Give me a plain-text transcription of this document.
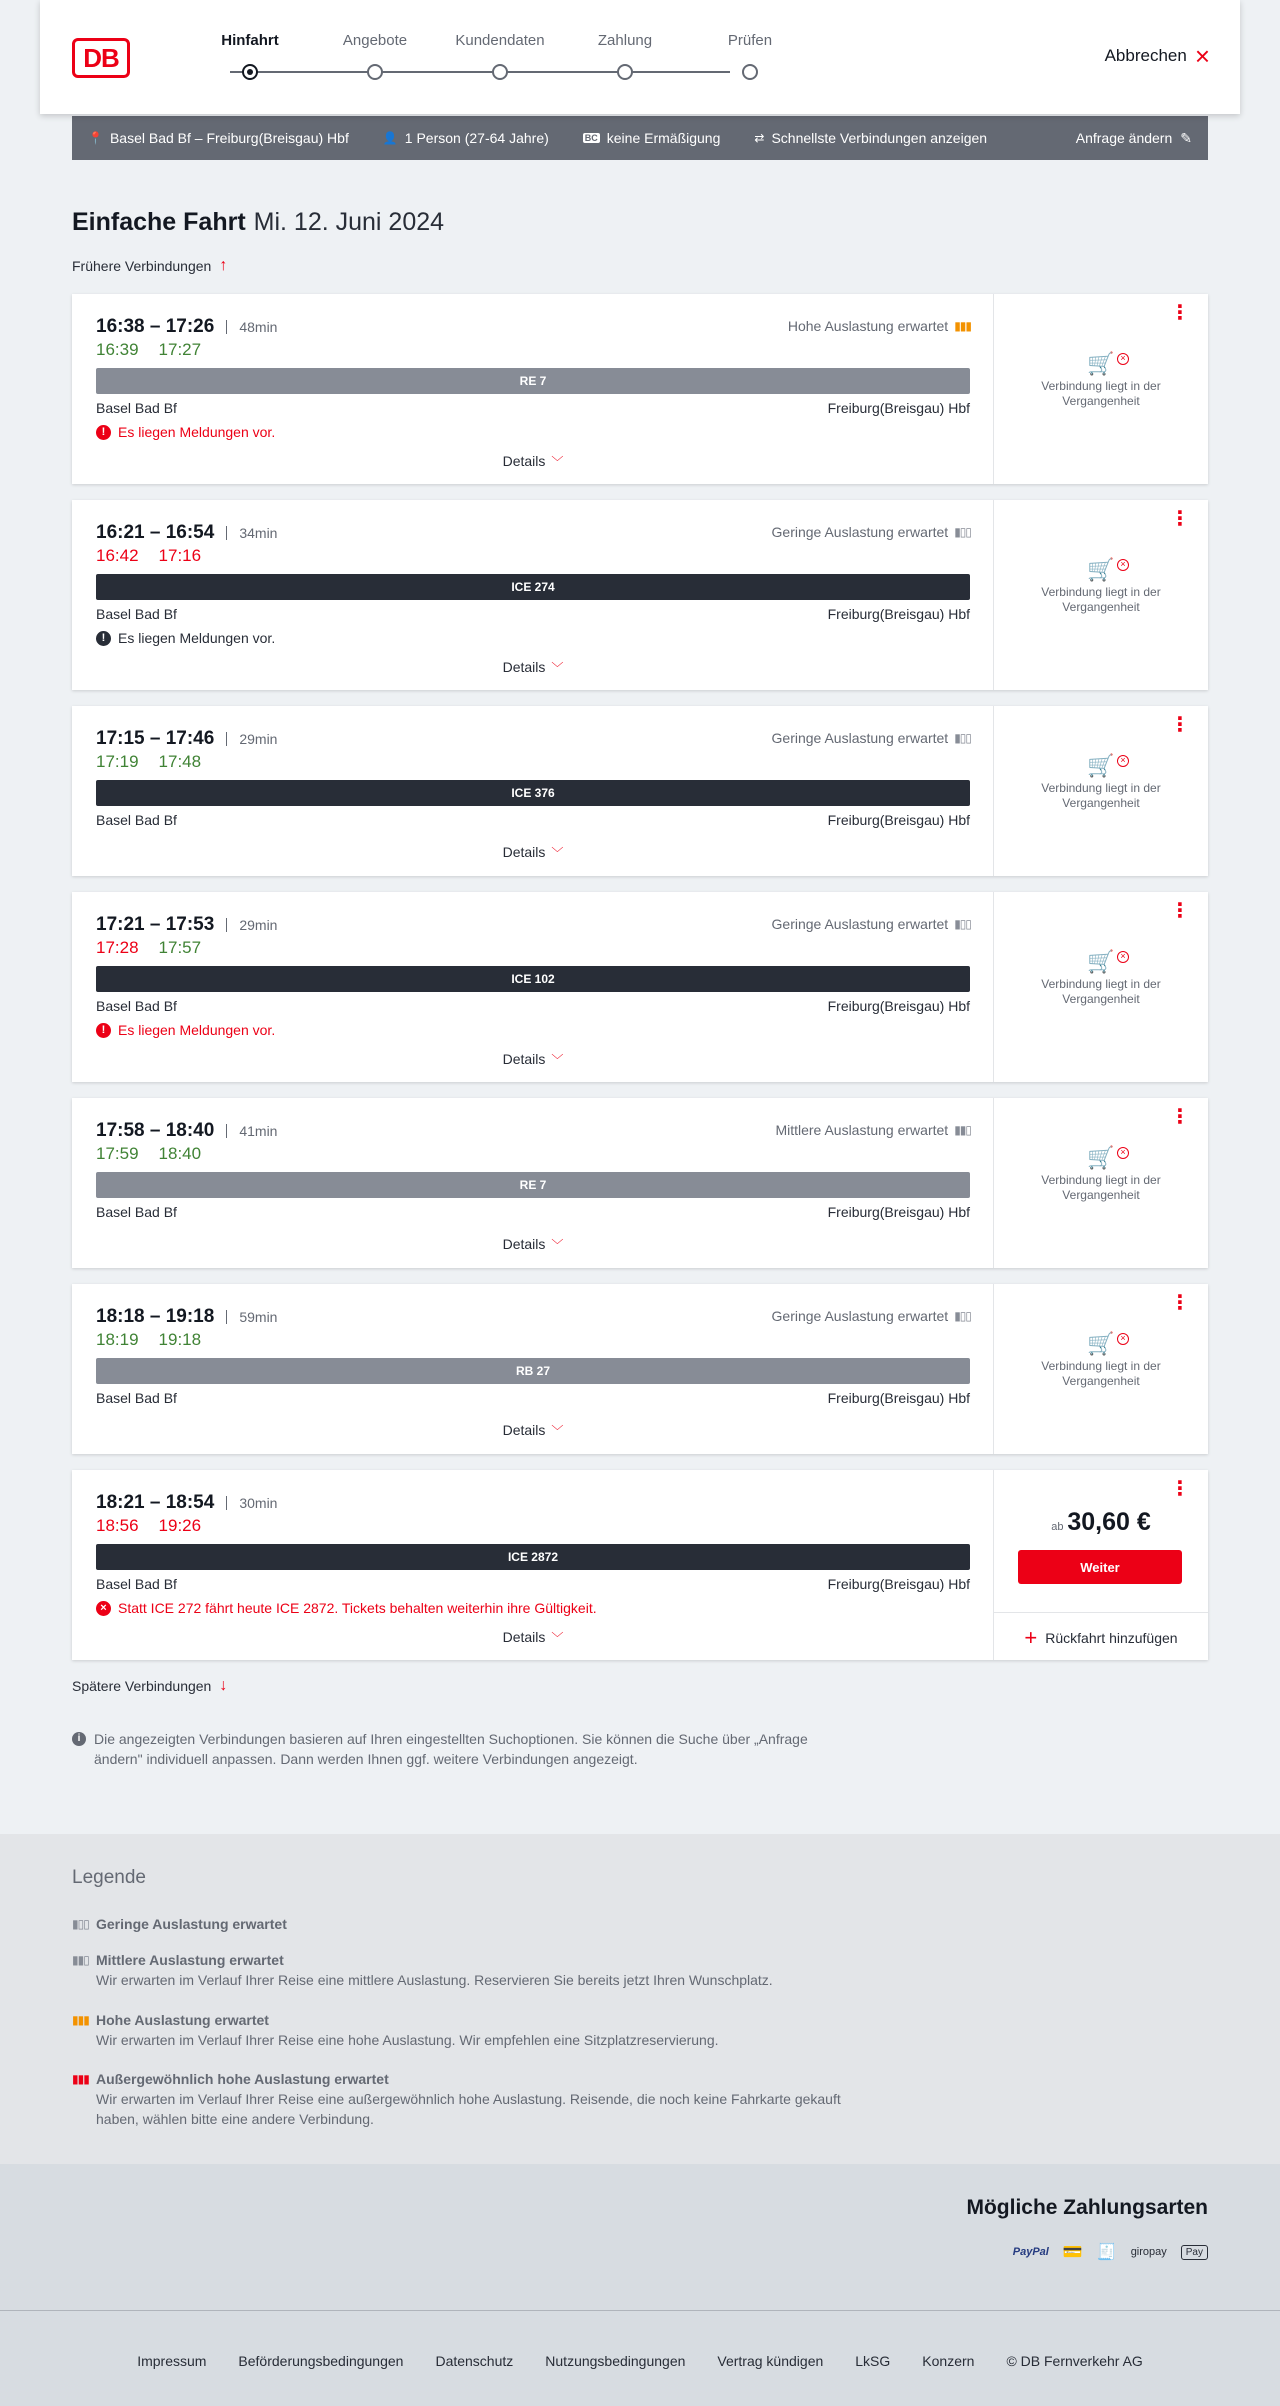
DB
Hinfahrt	Angebote	Kundendaten	Zahlung	Prüfen
Abbrechen ×
📍 Basel Bad Bf – Freiburg(Breisgau) Hbf	👤 1 Person (27-64 Jahre)	BC keine Ermäßigung	⇄ Schnellste Verbindungen anzeigen	Anfrage ändern ✎
Einfache Fahrt Mi. 12. Juni 2024
Frühere Verbindungen ↑
16:38 – 17:26	48min
16:39 17:27
Hohe Auslastung erwartet ▮▮▮
RE 7
Basel Bad Bf	Freiburg(Breisgau) Hbf
! Es liegen Meldungen vor.
Details ﹀
⋮
🛒 ×
Verbindung liegt in der Vergangenheit
16:21 – 16:54	34min
16:42 17:16
Geringe Auslastung erwartet ▮▯▯
ICE 274
Basel Bad Bf	Freiburg(Breisgau) Hbf
! Es liegen Meldungen vor.
Details ﹀
⋮
🛒 ×
Verbindung liegt in der Vergangenheit
17:15 – 17:46	29min
17:19 17:48
Geringe Auslastung erwartet ▮▯▯
ICE 376
Basel Bad Bf	Freiburg(Breisgau) Hbf
Details ﹀
⋮
🛒 ×
Verbindung liegt in der Vergangenheit
17:21 – 17:53	29min
17:28 17:57
Geringe Auslastung erwartet ▮▯▯
ICE 102
Basel Bad Bf	Freiburg(Breisgau) Hbf
! Es liegen Meldungen vor.
Details ﹀
⋮
🛒 ×
Verbindung liegt in der Vergangenheit
17:58 – 18:40	41min
17:59 18:40
Mittlere Auslastung erwartet ▮▮▯
RE 7
Basel Bad Bf	Freiburg(Breisgau) Hbf
Details ﹀
⋮
🛒 ×
Verbindung liegt in der Vergangenheit
18:18 – 19:18	59min
18:19 19:18
Geringe Auslastung erwartet ▮▯▯
RB 27
Basel Bad Bf	Freiburg(Breisgau) Hbf
Details ﹀
⋮
🛒 ×
Verbindung liegt in der Vergangenheit
18:21 – 18:54	30min
18:56 19:26
ICE 2872
Basel Bad Bf	Freiburg(Breisgau) Hbf
× Statt ICE 272 fährt heute ICE 2872. Tickets behalten weiterhin ihre Gültigkeit.
Details ﹀
⋮
ab 30,60 €
Weiter
+ Rückfahrt hinzufügen
Spätere Verbindungen ↓
i Die angezeigten Verbindungen basieren auf Ihren eingestellten Suchoptionen. Sie können die Suche über „Anfrage ändern" individuell anpassen. Dann werden Ihnen ggf. weitere Verbindungen angezeigt.
Legende
▮▯▯ Geringe Auslastung erwartet
▮▮▯ Mittlere Auslastung erwartet
Wir erwarten im Verlauf Ihrer Reise eine mittlere Auslastung. Reservieren Sie bereits jetzt Ihren Wunschplatz.
▮▮▮ Hohe Auslastung erwartet
Wir erwarten im Verlauf Ihrer Reise eine hohe Auslastung. Wir empfehlen eine Sitzplatzreservierung.
▮▮▮ Außergewöhnlich hohe Auslastung erwartet
Wir erwarten im Verlauf Ihrer Reise eine außergewöhnlich hohe Auslastung. Reisende, die noch keine Fahrkarte gekauft haben, wählen bitte eine andere Verbindung.
Mögliche Zahlungsarten
PayPal 💳 🧾 giropay	Pay
Impressum Beförderungsbedingungen Datenschutz Nutzungsbedingungen Vertrag kündigen LkSG Konzern © DB Fernverkehr AG
